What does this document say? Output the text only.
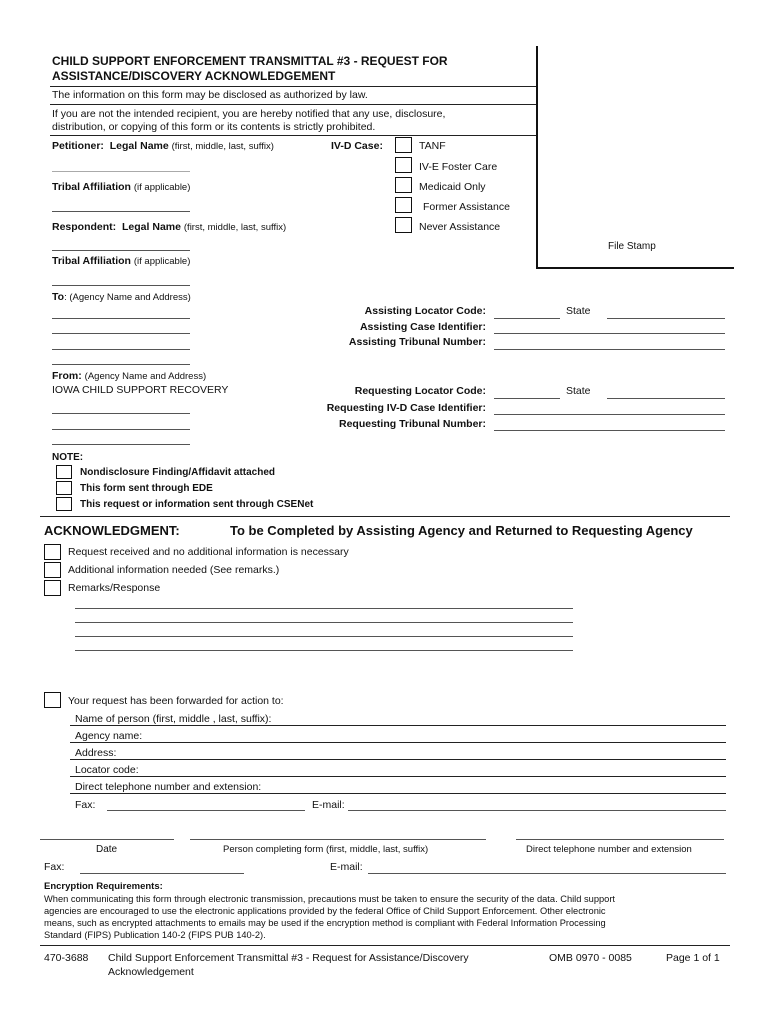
CHILD SUPPORT ENFORCEMENT TRANSMITTAL #3 - REQUEST FOR
ASSISTANCE/DISCOVERY ACKNOWLEDGEMENT
The information on this form may be disclosed as authorized by law.
If you are not the intended recipient, you are hereby notified that any use, disclosure,
distribution, or copying of this form or its contents is strictly prohibited.
File Stamp
Petitioner: Legal Name (first, middle, last, suffix)
Tribal Affiliation (if applicable)
Respondent: Legal Name (first, middle, last, suffix)
Tribal Affiliation (if applicable)
IV-D Case:	TANF
IV-E Foster Care
Medicaid Only
Former Assistance
Never Assistance
To: (Agency Name and Address)
Assisting Locator Code:	State
Assisting Case Identifier:
Assisting Tribunal Number:
From: (Agency Name and Address)
IOWA CHILD SUPPORT RECOVERY	Requesting Locator Code:	State
Requesting IV-D Case Identifier:
Requesting Tribunal Number:
NOTE:
Nondisclosure Finding/Affidavit attached
This form sent through EDE
This request or information sent through CSENet
ACKNOWLEDGMENT:	To be Completed by Assisting Agency and Returned to Requesting Agency
Request received and no additional information is necessary
Additional information needed (See remarks.)
Remarks/Response
Your request has been forwarded for action to:
Name of person (first, middle , last, suffix):
Agency name:
Address:
Locator code:
Direct telephone number and extension:
Fax:	E-mail:
Date	Person completing form (first, middle, last, suffix)	Direct telephone number and extension
Fax:	E-mail:
Encryption Requirements:
When communicating this form through electronic transmission, precautions must be taken to ensure the security of the data. Child support
agencies are encouraged to use the electronic applications provided by the federal Office of Child Support Enforcement. Other electronic
means, such as encrypted attachments to emails may be used if the encryption method is compliant with Federal Information Processing
Standard (FIPS) Publication 140-2 (FIPS PUB 140-2).
470-3688 Child Support Enforcement Transmittal #3 - Request for Assistance/Discovery
Acknowledgement
OMB 0970 - 0085	Page 1 of 1
